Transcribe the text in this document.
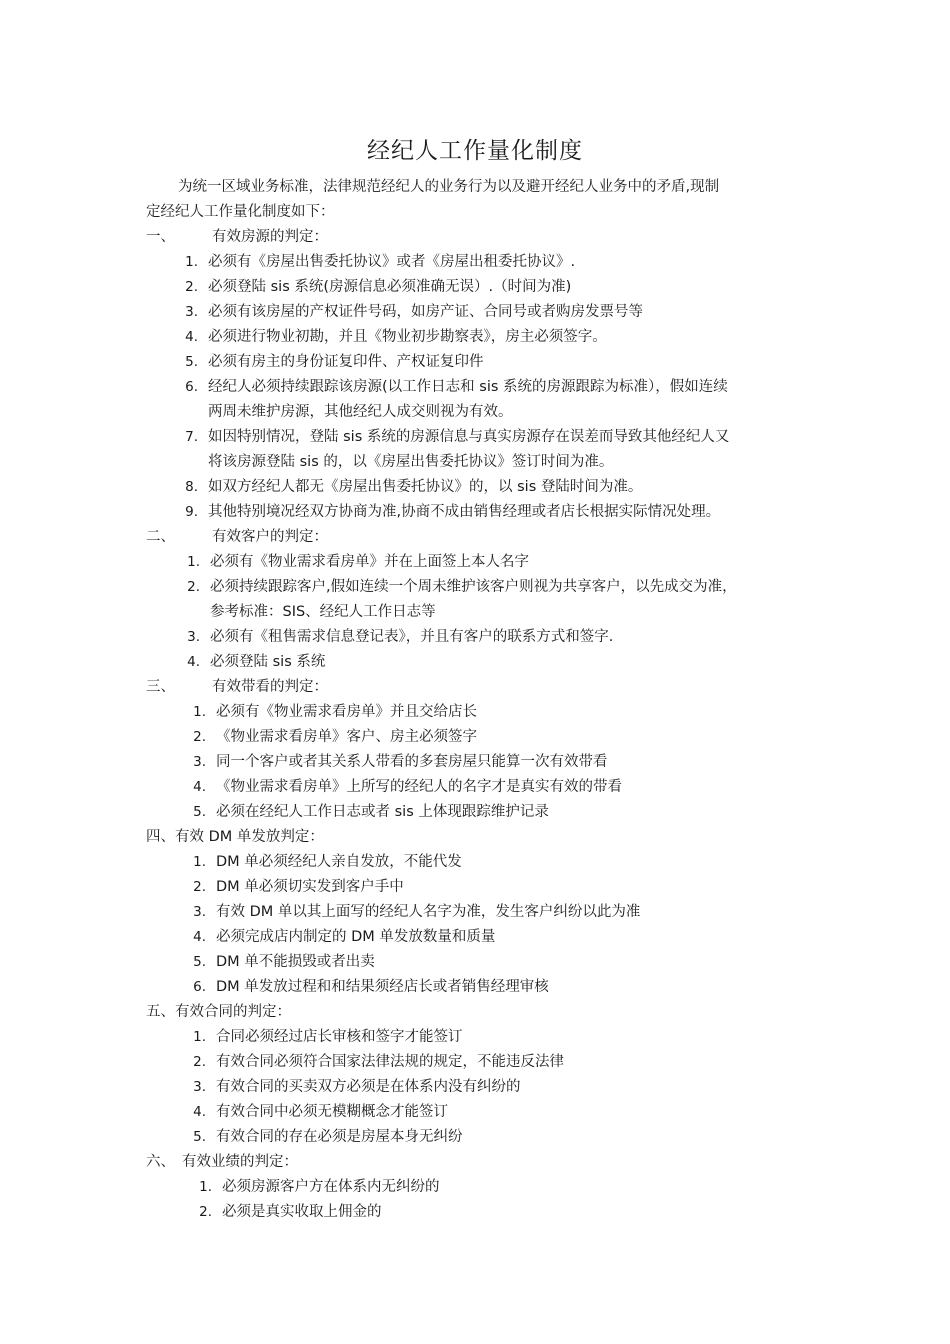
经纪人工作量化制度
为统一区域业务标准，法律规范经纪人的业务行为以及避开经纪人业务中的矛盾,现制
定经纪人工作量化制度如下：
一、	有效房源的判定：
1. 必须有《房屋出售委托协议》或者《房屋出租委托协议》.
2. 必须登陆 sis 系统(房源信息必须准确无误）.（时间为准)
3. 必须有该房屋的产权证件号码，如房产证、合同号或者购房发票号等
4. 必须进行物业初勘，并且《物业初步勘察表》，房主必须签字。
5. 必须有房主的身份证复印件、产权证复印件
6. 经纪人必须持续跟踪该房源(以工作日志和 sis 系统的房源跟踪为标准），假如连续
两周未维护房源，其他经纪人成交则视为有效。
7. 如因特别情况，登陆 sis 系统的房源信息与真实房源存在误差而导致其他经纪人又
将该房源登陆 sis 的，以《房屋出售委托协议》签订时间为准。
8. 如双方经纪人都无《房屋出售委托协议》的，以 sis 登陆时间为准。
9. 其他特别境况经双方协商为准,协商不成由销售经理或者店长根据实际情况处理。
二、	有效客户的判定：
1. 必须有《物业需求看房单》并在上面签上本人名字
2. 必须持续跟踪客户,假如连续一个周未维护该客户则视为共享客户，以先成交为准，
参考标准：SIS、经纪人工作日志等
3. 必须有《租售需求信息登记表》，并且有客户的联系方式和签字.
4. 必须登陆 sis 系统
三、	有效带看的判定：
1. 必须有《物业需求看房单》并且交给店长
2. 《物业需求看房单》客户、房主必须签字
3. 同一个客户或者其关系人带看的多套房屋只能算一次有效带看
4. 《物业需求看房单》上所写的经纪人的名字才是真实有效的带看
5. 必须在经纪人工作日志或者 sis 上体现跟踪维护记录
四、有效 DM 单发放判定：
1. DM 单必须经纪人亲自发放，不能代发
2. DM 单必须切实发到客户手中
3. 有效 DM 单以其上面写的经纪人名字为准，发生客户纠纷以此为准
4. 必须完成店内制定的 DM 单发放数量和质量
5. DM 单不能损毁或者出卖
6. DM 单发放过程和和结果须经店长或者销售经理审核
五、有效合同的判定：
1. 合同必须经过店长审核和签字才能签订
2. 有效合同必须符合国家法律法规的规定，不能违反法律
3. 有效合同的买卖双方必须是在体系内没有纠纷的
4. 有效合同中必须无模糊概念才能签订
5. 有效合同的存在必须是房屋本身无纠纷
六、 有效业绩的判定：
1. 必须房源客户方在体系内无纠纷的
2. 必须是真实收取上佣金的
